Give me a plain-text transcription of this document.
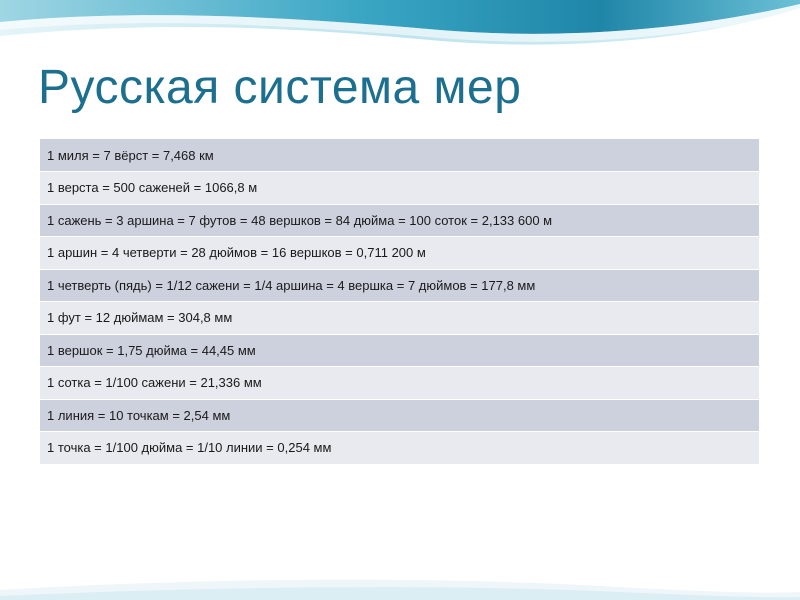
Русская система мер
1 миля = 7 вёрст = 7,468 км
1 верста = 500 саженей = 1066,8 м
1 сажень = 3 аршина = 7 футов = 48 вершков = 84 дюйма = 100 соток = 2,133 600 м
1 аршин = 4 четверти = 28 дюймов = 16 вершков = 0,711 200 м
1 четверть (пядь) = 1/12 сажени = 1/4 аршина = 4 вершка = 7 дюймов = 177,8 мм
1 фут = 12 дюймам = 304,8 мм
1 вершок = 1,75 дюйма = 44,45 мм
1 сотка = 1/100 сажени = 21,336 мм
1 линия = 10 точкам = 2,54 мм
1 точка = 1/100 дюйма = 1/10 линии = 0,254 мм
